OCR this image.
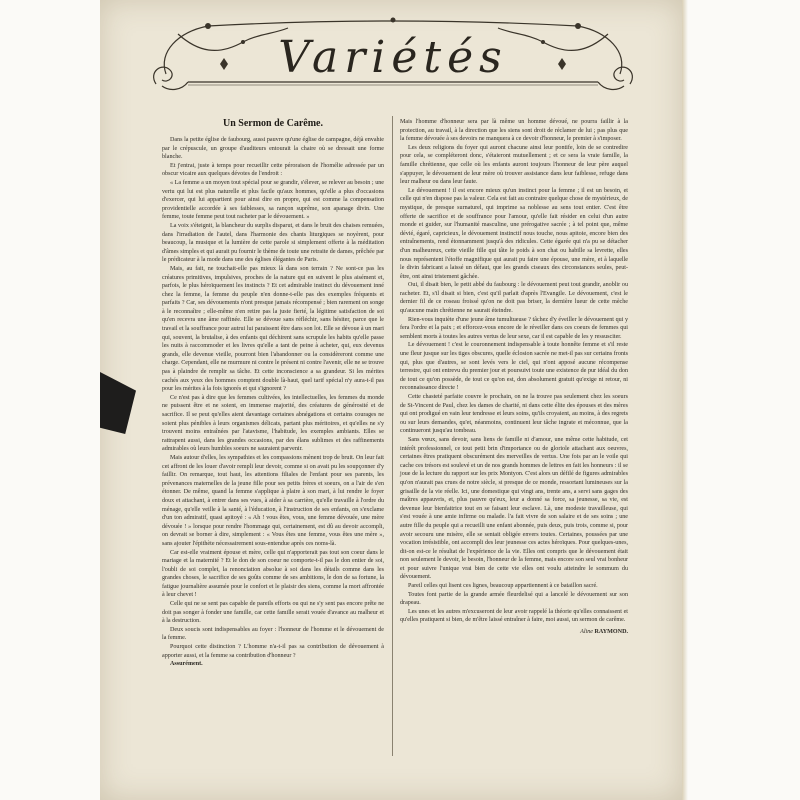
Variétés
Un Sermon de Carême.

Dans la petite église de faubourg, aussi pauvre qu'une église de campagne, déjà envahie par le crépuscule, un groupe d'auditeurs entourait la chaire où se dressait une forme blanche.

Et j'entrai, juste à temps pour recueillir cette péroraison de l'homélie adressée par un obscur vicaire aux quelques dévotes de l'endroit :

« La femme a un moyen tout spécial pour se grandir, s'élever, se relever au besoin ; une vertu qui lui est plus naturelle et plus facile qu'aux hommes, qu'elle a plus d'occasions d'exercer, qui lui appartient pour ainsi dire en propre, qui est comme la compensation providentielle accordée à ses faiblesses, sa rançon suprême, son apanage divin. Une femme, toute femme peut tout racheter par le dévouement. »

La voix s'éteignit, la blancheur du surplis disparut, et dans le bruit des chaises remuées, dans l'irradiation de l'autel, dans l'harmonie des chants liturgiques se noyèrent, pour beaucoup, la musique et la lumière de cette parole si simplement offerte à la méditation d'âmes simples et qui aurait pu fournir le thème de toute une retraite de dames, prêchée par le prédicateur à la mode dans une des églises élégantes de Paris.

Mais, au fait, ne touchait-elle pas mieux là dans son terrain ? Ne sont-ce pas les créatures primitives, impulsives, proches de la nature qui en suivent le plus aisément et, parfois, le plus héroïquement les instincts ? Et cet admirable instinct du dévouement inné chez la femme, la femme du peuple n'en donne-t-elle pas des exemples fréquents et parfaits ? Car, ses dévouements n'ont presque jamais récompensé ; bien rarement on songe à le reconnaître ; elle-même n'en retire pas la juste fierté, la légitime satisfaction de soi qu'en recevra une âme raffinée. Elle se dévoue sans réfléchir, sans hésiter, parce que le travail et la souffrance pour autrui lui paraissent être dans son lot. Elle se dévoue à un mari qui, souvent, la brutalise, à des enfants qui déchirent sans scrupule les habits qu'elle passe les nuits à raccommoder et les livres qu'elle a tant de peine à acheter, qui, eux devenus grands, elle devenue vieille, pourront bien l'abandonner ou la considèreront comme une charge. Cependant, elle ne murmure ni contre le présent ni contre l'avenir, elle ne se trouve pas à plaindre de remplir sa tâche. Et cette inconscience a sa grandeur. Si les mérites cachés aux yeux des hommes comptent double là-haut, quel tarif spécial n'y aura-t-il pas pour les mérites à la fois ignorés et qui s'ignorent ?

Ce n'est pas à dire que les femmes cultivées, les intellectuelles, les femmes du monde ne puissent être et ne soient, en immense majorité, des créatures de générosité et de sacrifice. Il se peut qu'elles aient davantage certaines abnégations et certains courages ne soient plus pénibles à leurs organismes délicats, partant plus méritoires, et qu'elles ne s'y trouvent moins entraînées par l'atavisme, l'habitude, les exemples ambiants. Elles se rattrapent aussi, dans les grandes occasions, par des élans sublimes et des raffinements admirables où leurs humbles soeurs ne sauraient parvenir.

Mais autour d'elles, les sympathies et les compassions mènent trop de bruit. On leur fait cet affront de les louer d'avoir rempli leur devoir, comme si on avait pu les soupçonner d'y faillir. On remarque, tout haut, les attentions filiales de l'enfant pour ses parents, les prévenances maternelles de la jeune fille pour ses petits frères et soeurs, on a l'air de s'en étonner. De même, quand la femme s'applique à plaire à son mari, à lui rendre le foyer doux et attachant, à entrer dans ses vues, à aider à sa carrière, qu'elle travaille à l'ordre du ménage, qu'elle veille à la santé, à l'éducation, à l'instruction de ses enfants, on s'exclame d'un ton admiratif, quasi apitoyé : « Ah ! vous êtes, vous, une femme dévouée, une mère dévouée ! » lorsque pour rendre l'hommage qui, certainement, est dû au devoir accompli, on devrait se borner à dire, simplement : « Vous êtes une femme, vous êtes une mère », sans ajouter l'épithète nécessairement sous-entendue après ces noms-là.

Car est-elle vraiment épouse et mère, celle qui n'apporterait pas tout son coeur dans le mariage et la maternité ? Et le don de son coeur ne comporte-t-il pas le don entier de soi, l'oubli de soi complet, la renonciation absolue à soi dans les détails comme dans les grandes choses, le sacrifice de ses goûts comme de ses ambitions, le don de sa fortune, la fatigue journalière assumée pour le confort et le plaisir des siens, comme la mort affrontée à leur chevet !

Celle qui ne se sent pas capable de pareils efforts ou qui ne s'y sent pas encore prête ne doit pas songer à fonder une famille, car cette famille serait vouée d'avance au malheur et à la destruction.

Deux soucis sont indispensables au foyer : l'honneur de l'homme et le dévouement de la femme.

Pourquoi cette distinction ? L'homme n'a-t-il pas sa contribution de dévouement à apporter aussi, et la femme sa contribution d'honneur ?

Assurément.

Mais l'homme d'honneur sera par là même un homme dévoué, ne pourra faillir à la protection, au travail, à la direction que les siens sont droit de réclamer de lui ; pas plus que la femme dévouée à ses devoirs ne manquera à ce devoir d'honneur, le premier à s'imposer.

Les deux religions du foyer qui auront chacune ainsi leur pontife, loin de se contredire pour cela, se compléteront donc, s'étaieront mutuellement ; et ce sera la vraie famille, la famille chrétienne, que celle où les enfants auront toujours l'honneur de leur père auquel s'appuyer, le dévouement de leur mère où trouver assistance dans leur faiblesse, refuge dans leur malheur ou dans leur faute.

Le dévouement ! il est encore mieux qu'un instinct pour la femme ; il est un besoin, et celle qui n'en dispose pas la valeur. Cela est fait au contraire quelque chose de mystérieux, de mystique, de presque surnaturel, qui imprime sa noblesse au sens tout entier. C'est être offerte de sacrifice et de souffrance pour l'amour, qu'elle fait résider en celui d'un autre monde et guider, sur l'humanité masculine, une prérogative sacrée ; à tel point que, même dévié, égaré, capricieux, le dévouement instinctif nous touche, nous apitoie, encore bien des entraînements, rend étonnamment jusqu'à des ridicules. Cette égarée qui n'a pu se détacher d'un malheureux, cette vieille fille qui tâte le poids à son chat ou habille sa levrette, elles nous représentent l'étoffe magnifique qui aurait pu faire une épouse, une mère, et à laquelle le divin fabricant a laissé un défaut, que les grands ciseaux des circonstances seules, peut-être, ont ainsi tristement gâchée.

Oui, il disait bien, le petit abbé du faubourg : le dévouement peut tout grandir, anoblir ou racheter. Et, s'il disait si bien, c'est qu'il parlait d'après l'Evangile. Le dévouement, c'est le dernier fil de ce roseau froissé qu'on ne doit pas briser, la dernière lueur de cette mèche qu'aucune main chrétienne ne saurait éteindre.

Rien-vous inquiète d'une jeune âme tumultueuse ? tâchez d'y éveiller le dévouement qui y fera l'ordre et la paix ; et efforcez-vous encore de le réveiller dans ces coeurs de femmes qui semblent morts à toutes les autres vertus de leur sexe, car il est capable de les y ressusciter.

Le dévouement ! c'est le couronnement indispensable à toute honnête femme et s'il reste une fleur jusque sur les tiges obscures, quelle éclosion sacrée ne met-il pas sur certains fronts qui, plus que d'autres, se sont levés vers le ciel, qui n'ont apposé aucune récompense terrestre, qui ont entrevu du premier jour et poursuivi toute une existence de pur idéal du don de tout ce qu'on possède, de tout ce qu'on est, don absolument gratuit qu'exige ni retour, ni reconnaissance directe !

Cette chasteté parfaite couvre le prochain, on ne la trouve pas seulement chez les soeurs de St-Vincent de Paul, chez les dames de charité, ni dans cette élite des épouses et des mères qui ont prodigué en vain leur tendresse et leurs soins, qu'ils croyaient, au moins, à des regrets ou sur leurs demandes, qu'et, néanmoins, continuent leur tâche ingrate et méconnue, que la continueront jusqu'au tombeau.

Sans vœux, sans devoir, sans liens de famille ni d'amour, une même cette habitude, cet intérêt professionnel, ce tout petit brin d'importance ou de gloriole attachant aux oeuvres, certaines êtres pratiquent obscurément des merveilles de vertus. Une fois par an le voile qui cache ces trésors est soulevé et un de nos grands hommes de lettres en fait les honneurs : il se joue de la lecture du rapport sur les prix Montyon. C'est alors un défilé de figures admirables qu'on n'aurait pas crues de notre siècle, si presque de ce monde, ressortant lumineuses sur la grisaille de la vie réelle. Ici, une domestique qui vingt ans, trente ans, a servi sans gages des maîtres appauvris, et, plus pauvre qu'eux, leur a donné sa force, sa jeunesse, sa vie, est devenue leur bienfaitrice tout en se faisant leur esclave. Là, une modeste travailleuse, qui s'est vouée à une amie infirme ou malade. l'a fait vivre de son salaire et de ses soins ; une autre fille du peuple qui a recueilli une enfant abonnée, puis deux, puis trois, comme si, pour avoir secouru une misère, elle se sentait obligée envers toutes. Certaines, poussées par une vocation irrésistible, ont accompli des leur jeunesse ces actes héroïques. Pour quelques-unes, dit-on est-ce le résultat de l'expérience de la vie. Elles ont compris que le dévouement était non seulement le devoir, le besoin, l'honneur de la femme, mais encore son seul vrai bonheur et pour suivre l'unique vrai bien de cette vie elles ont voulu atteindre le sommum du dévouement.

Pareil celles qui lisent ces lignes, beaucoup appartiennent à ce bataillon sacré.

Toutes font partie de la grande armée fleurdelisé qui a lancelé le dévouement sur son drapeau.

Les unes et les autres m'excuseront de leur avoir rappelé la théorie qu'elles connaissent et qu'elles pratiquent si bien, de m'être laissé entraîner à faire, moi aussi, un sermon de carême.

Aline RAYMOND.
